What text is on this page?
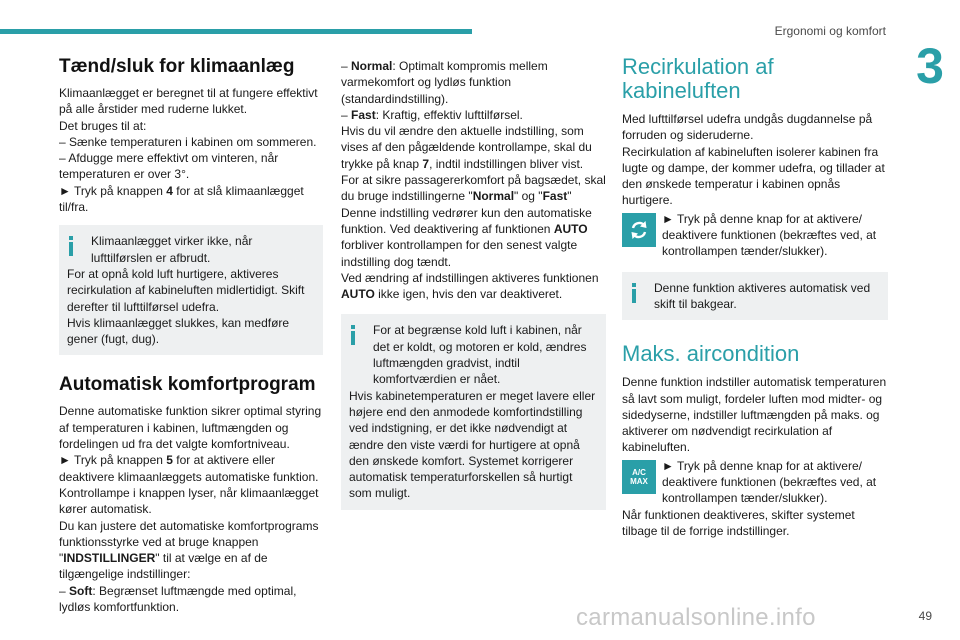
Ergonomi og komfort
3
Tænd/sluk for klimaanlæg

Klimaanlægget er beregnet til at fungere effektivt på alle årstider med ruderne lukket.

Det bruges til at:

– Sænke temperaturen i kabinen om sommeren.

– Afdugge mere effektivt om vinteren, når temperaturen er over 3°.

► Tryk på knappen 4 for at slå klimaanlægget til/fra.

Klimaanlægget virker ikke, når lufttilførslen er afbrudt.

For at opnå kold luft hurtigere, aktiveres recirkulation af kabineluften midlertidigt. Skift derefter til lufttilførsel udefra.

Hvis klimaanlægget slukkes, kan medføre gener (fugt, dug).

Automatisk komfortprogram

Denne automatiske funktion sikrer optimal styring af temperaturen i kabinen, luftmængden og fordelingen ud fra det valgte komfortniveau.

► Tryk på knappen 5 for at aktivere eller deaktivere klimaanlæggets automatiske funktion.

Kontrollampe i knappen lyser, når klimaanlægget kører automatisk.

Du kan justere det automatiske komfortprograms funktionsstyrke ved at bruge knappen "INDSTILLINGER" til at vælge en af de tilgængelige indstillinger:

– Soft: Begrænset luftmængde med optimal, lydløs komfortfunktion.

– Normal: Optimalt kompromis mellem varmekomfort og lydløs funktion (standardindstilling).

– Fast: Kraftig, effektiv lufttilførsel.

Hvis du vil ændre den aktuelle indstilling, som vises af den pågældende kontrollampe, skal du trykke på knap 7, indtil indstillingen bliver vist.

For at sikre passagererkomfort på bagsædet, skal du bruge indstillingerne "Normal" og "Fast"

Denne indstilling vedrører kun den automatiske funktion. Ved deaktivering af funktionen AUTO forbliver kontrollampen for den senest valgte indstilling dog tændt.

Ved ændring af indstillingen aktiveres funktionen AUTO ikke igen, hvis den var deaktiveret.

For at begrænse kold luft i kabinen, når det er koldt, og motoren er kold, ændres luftmængden gradvist, indtil komfortværdien er nået.

Hvis kabinetemperaturen er meget lavere eller højere end den anmodede komfortindstilling ved indstigning, er det ikke nødvendigt at ændre den viste værdi for hurtigere at opnå den ønskede komfort. Systemet korrigerer automatisk temperaturforskellen så hurtigt som muligt.

Recirkulation af kabineluften

Med lufttilførsel udefra undgås dugdannelse på forruden og sideruderne.

Recirkulation af kabineluften isolerer kabinen fra lugte og dampe, der kommer udefra, og tillader at den ønskede temperatur i kabinen opnås hurtigere.

► Tryk på denne knap for at aktivere/ deaktivere funktionen (bekræftes ved, at kontrollampen tænder/slukker).

Denne funktion aktiveres automatisk ved skift til bakgear.

Maks. aircondition

Denne funktion indstiller automatisk temperaturen så lavt som muligt, fordeler luften mod midter- og sidedyserne, indstiller luftmængden på maks. og aktiverer om nødvendigt recirkulation af kabineluften.

A/C
MAX

► Tryk på denne knap for at aktivere/ deaktivere funktionen (bekræftes ved, at kontrollampen tænder/slukker).

Når funktionen deaktiveres, skifter systemet tilbage til de forrige indstillinger.

carmanualsonline.info	49
